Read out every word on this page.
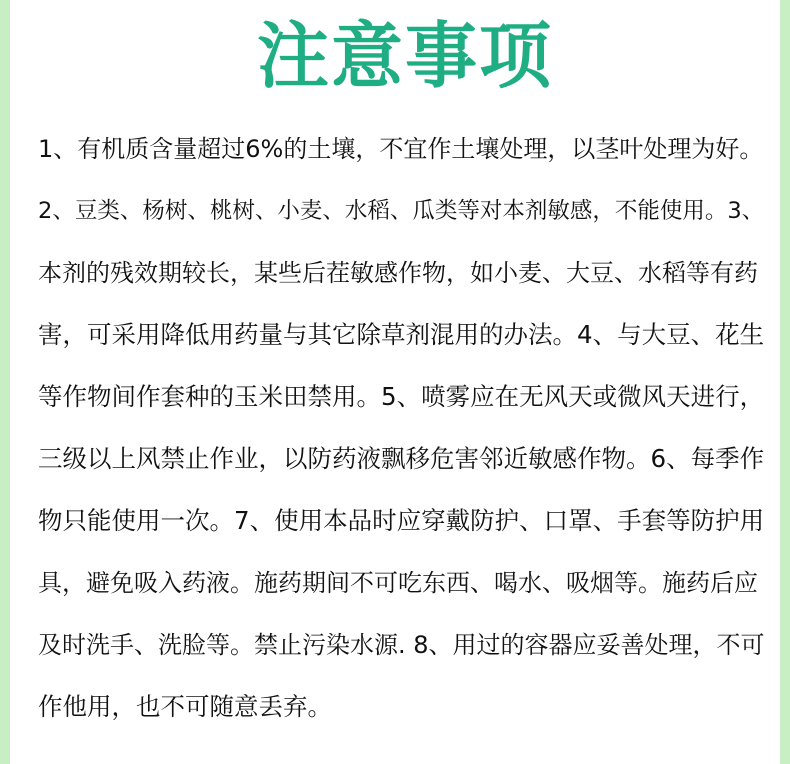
注意事项
1、有机质含量超过6%的土壤，不宜作土壤处理，以茎叶处理为好。
2、豆类、杨树、桃树、小麦、水稻、瓜类等对本剂敏感，不能使用。3、
本剂的残效期较长，某些后茬敏感作物，如小麦、大豆、水稻等有药
害，可采用降低用药量与其它除草剂混用的办法。4、与大豆、花生
等作物间作套种的玉米田禁用。5、喷雾应在无风天或微风天进行，
三级以上风禁止作业，以防药液飘移危害邻近敏感作物。6、每季作
物只能使用一次。7、使用本品时应穿戴防护、口罩、手套等防护用
具，避免吸入药液。施药期间不可吃东西、喝水、吸烟等。施药后应
及时洗手、洗脸等。禁止污染水源. 8、用过的容器应妥善处理，不可
作他用，也不可随意丢弃。
